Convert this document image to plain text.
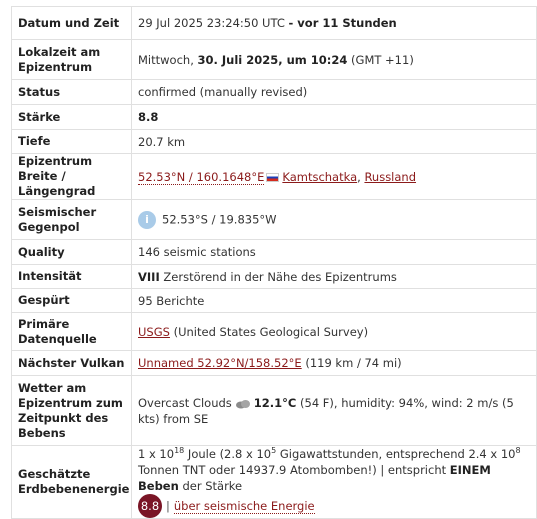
Datum und Zeit	29 Jul 2025 23:24:50 UTC - vor 11 Stunden
Lokalzeit am Epizentrum	Mittwoch, 30. Juli 2025, um 10:24 (GMT +11)
Status	confirmed (manually revised)
Stärke	8.8
Tiefe	20.7 km
Epizentrum Breite / Längengrad	52.53°N / 160.1648°E Kamtschatka, Russland
Seismischer Gegenpol	i 52.53°S / 19.835°W
Quality	146 seismic stations
Intensität	VIII Zerstörend in der Nähe des Epizentrums
Gespürt	95 Berichte
Primäre Datenquelle	USGS (United States Geological Survey)
Nächster Vulkan	Unnamed 52.92°N/158.52°E (119 km / 74 mi)
Wetter am Epizentrum zum Zeitpunkt des Bebens	Overcast Clouds 12.1°C (54 F), humidity: 94%, wind: 2 m/s (5 kts) from SE
Geschätzte Erdbebenenergie	1 x $10^{18}$ Joule (2.8 x $10^5$ Gigawattstunden, entsprechend 2.4 x $10^8$ Tonnen TNT oder 14937.9 Atombomben!) | entspricht EINEM Beben der Stärke
8.8 | über seismische Energie
